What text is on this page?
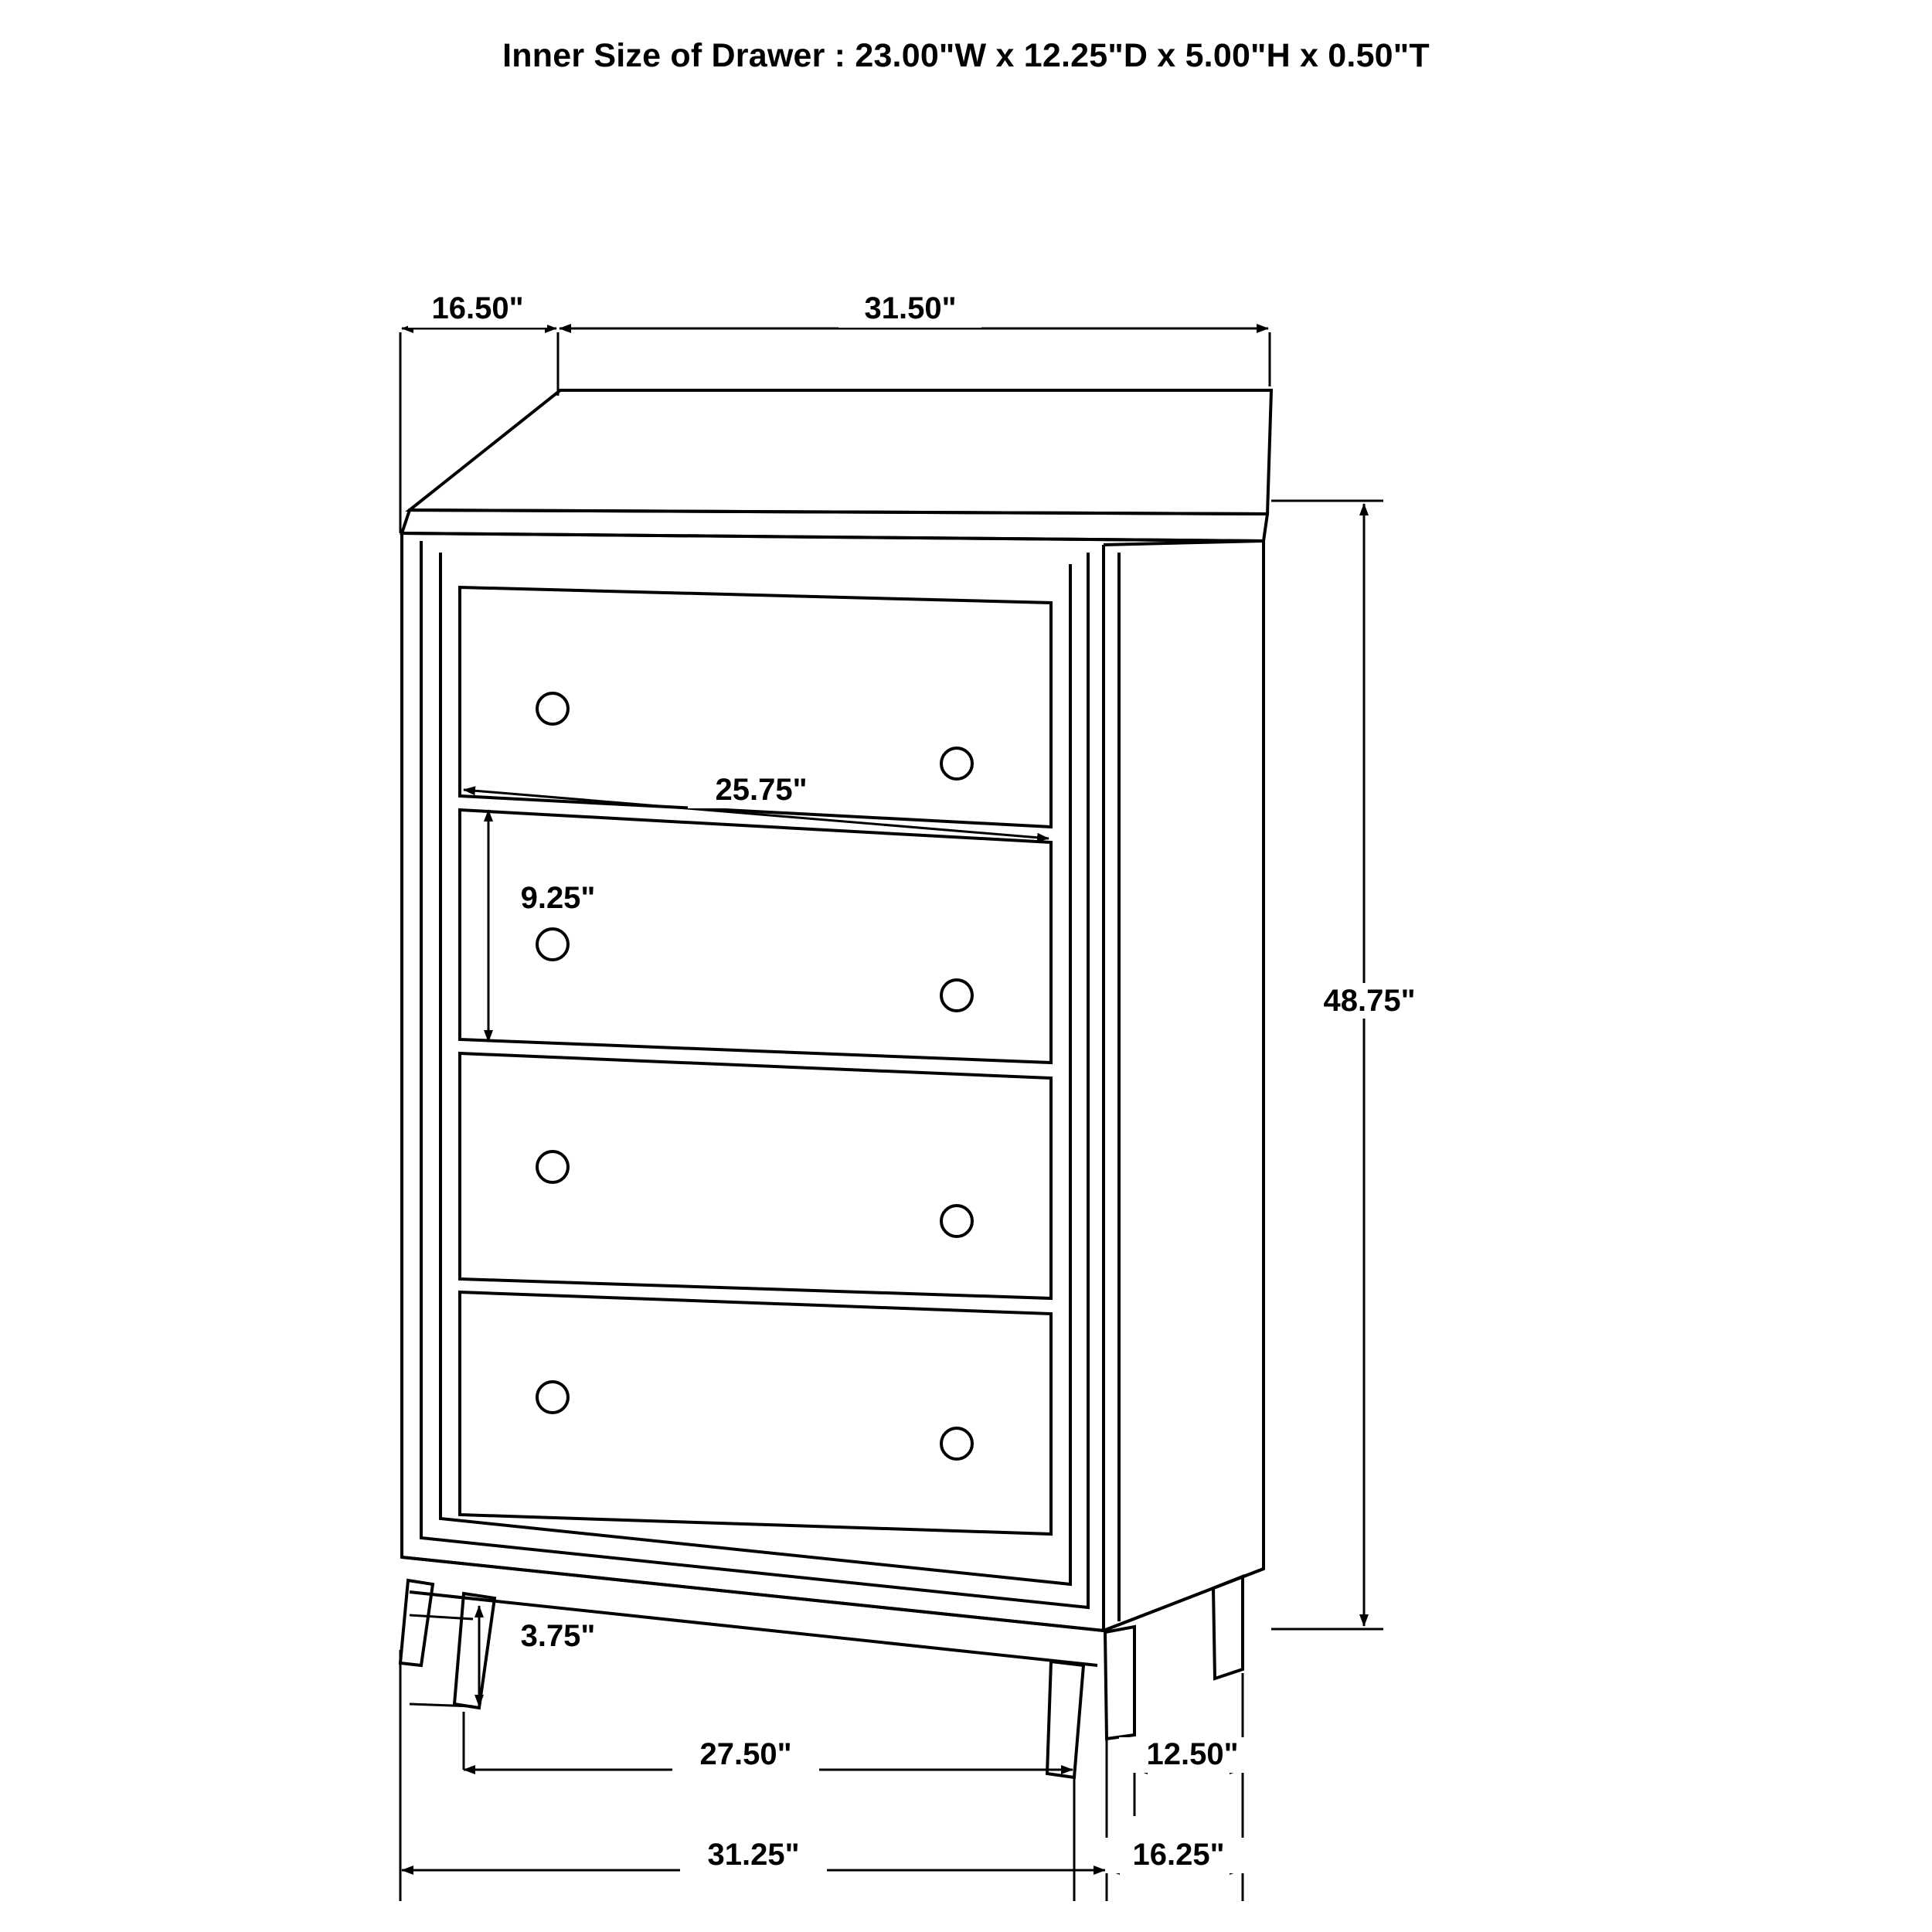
Inner Size of Drawer : 23.00"W x 12.25"D x 5.00"H x 0.50"T
16.50"	31.50"
48.75"
25.75"
9.25"
3.75"
27.50"	12.50"
31.25"	16.25"
